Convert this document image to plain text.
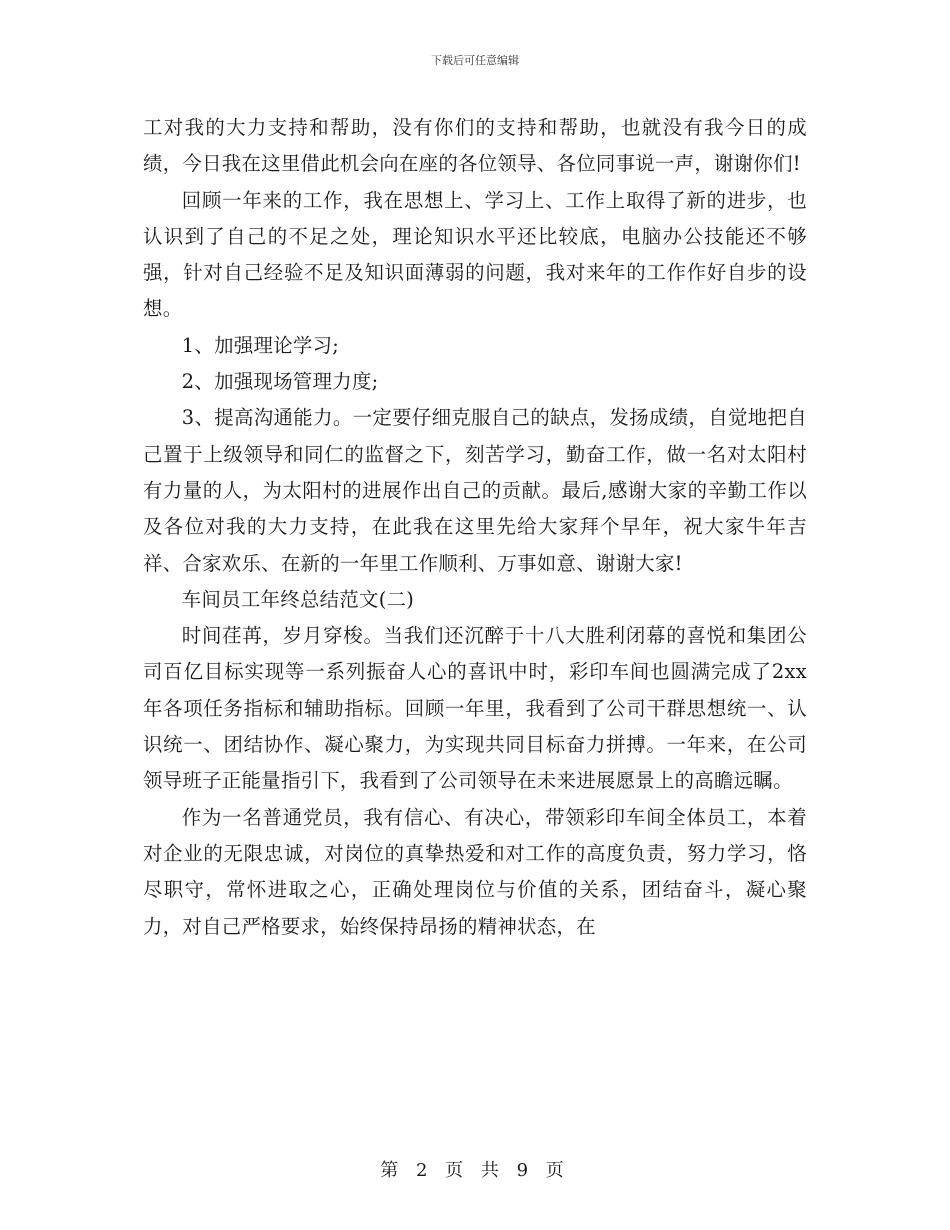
下载后可任意编辑

工对我的大力支持和帮助，没有你们的支持和帮助，也就没有我今日的成绩，今日我在这里借此机会向在座的各位领导、各位同事说一声，谢谢你们!

回顾一年来的工作，我在思想上、学习上、工作上取得了新的进步，也认识到了自己的不足之处，理论知识水平还比较底，电脑办公技能还不够强，针对自己经验不足及知识面薄弱的问题，我对来年的工作作好自步的设想。

1、加强理论学习;

2、加强现场管理力度;

3、提高沟通能力。一定要仔细克服自己的缺点，发扬成绩，自觉地把自己置于上级领导和同仁的监督之下，刻苦学习，勤奋工作，做一名对太阳村有力量的人，为太阳村的进展作出自己的贡献。最后,感谢大家的辛勤工作以及各位对我的大力支持，在此我在这里先给大家拜个早年，祝大家牛年吉祥、合家欢乐、在新的一年里工作顺利、万事如意、谢谢大家!

车间员工年终总结范文(二)

时间荏苒，岁月穿梭。当我们还沉醉于十八大胜利闭幕的喜悦和集团公司百亿目标实现等一系列振奋人心的喜讯中时，彩印车间也圆满完成了2xx年各项任务指标和辅助指标。回顾一年里，我看到了公司干群思想统一、认识统一、团结协作、凝心聚力，为实现共同目标奋力拼搏。一年来，在公司领导班子正能量指引下，我看到了公司领导在未来进展愿景上的高瞻远瞩。

作为一名普通党员，我有信心、有决心，带领彩印车间全体员工，本着对企业的无限忠诚，对岗位的真挚热爱和对工作的高度负责，努力学习，恪尽职守，常怀进取之心，正确处理岗位与价值的关系，团结奋斗，凝心聚力，对自己严格要求，始终保持昂扬的精神状态，在

第 2 页 共 9 页
